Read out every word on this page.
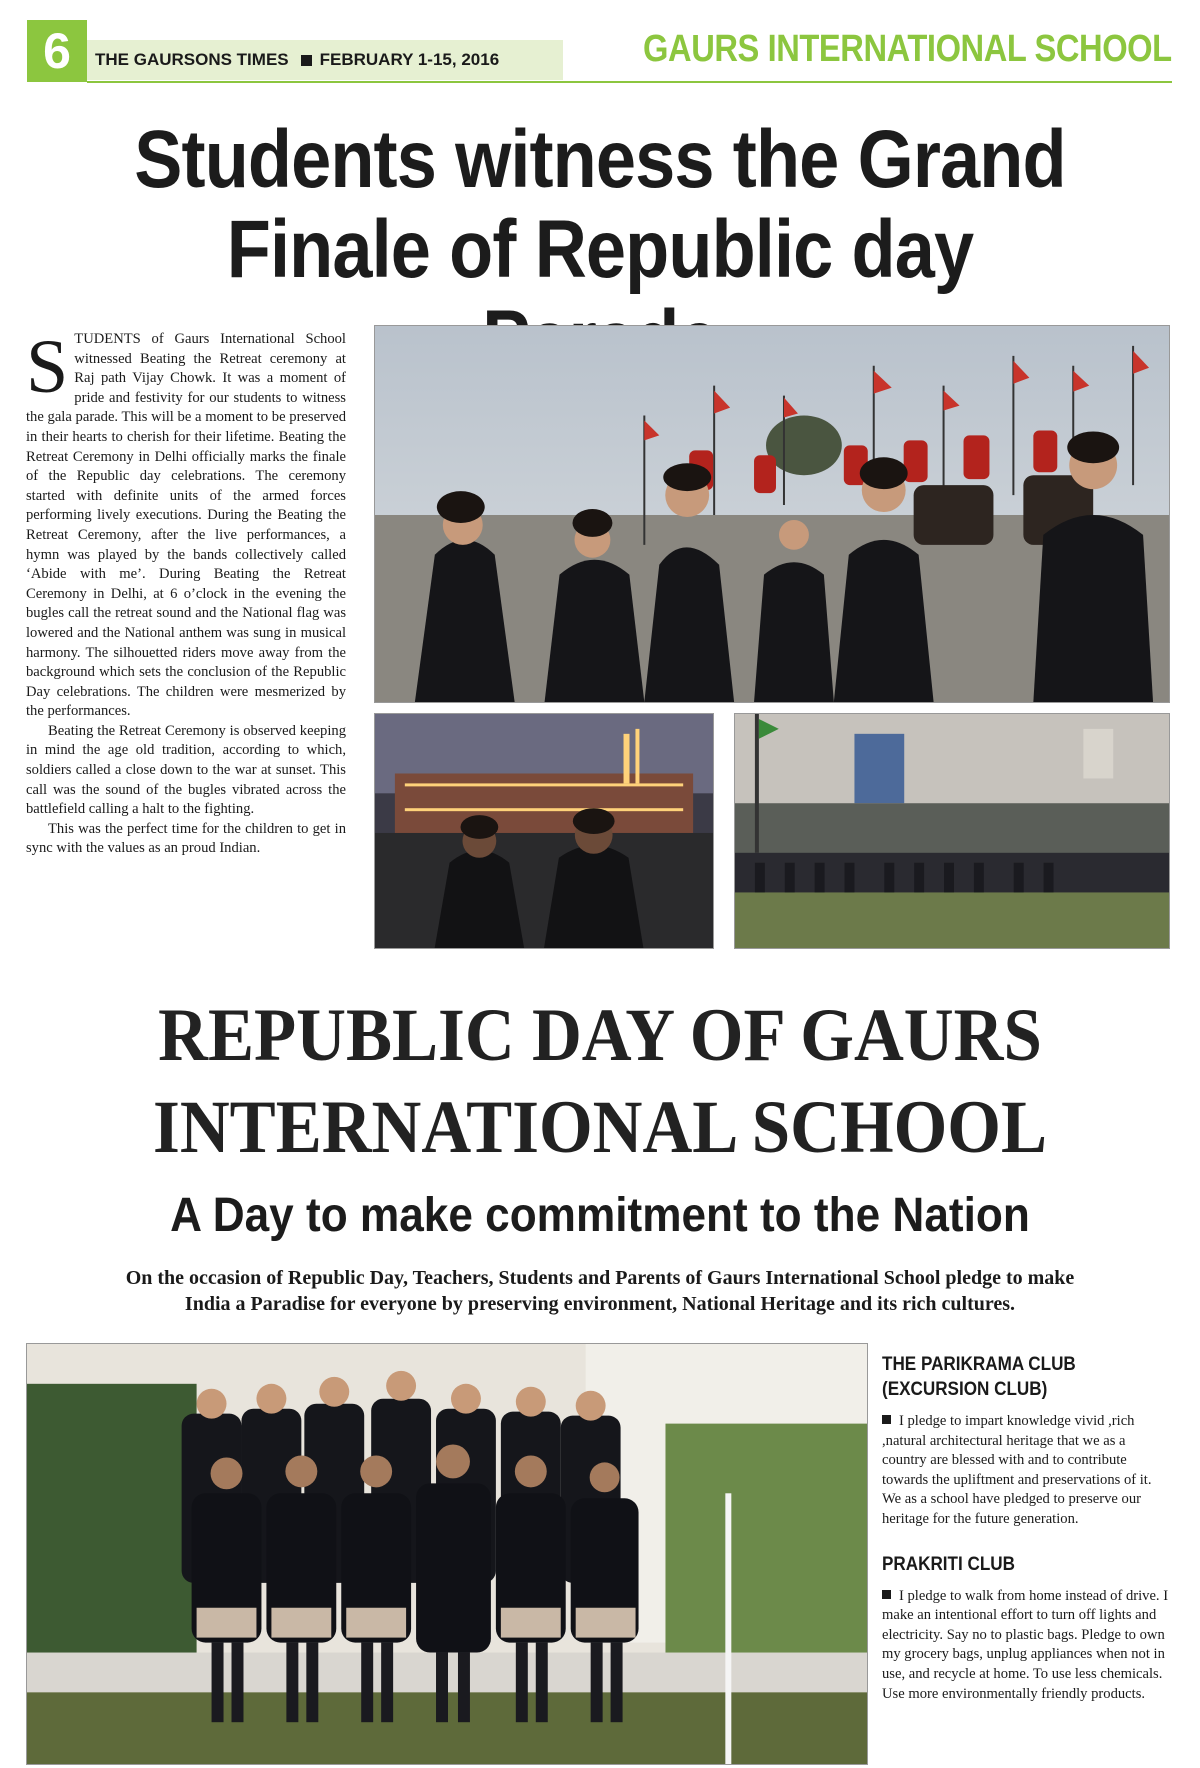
6	THE GAURSONS TIMES FEBRUARY 1-15, 2016	GAURS INTERNATIONAL SCHOOL
Students witness the Grand
Finale of Republic day

STUDENTS of Gaurs International School witnessed Beating the Retreat ceremony at Raj path Vijay Chowk. It was a moment of pride and festivity for our students to witness the gala parade. This will be a moment to be preserved in their hearts to cherish for their lifetime. Beating the Retreat Ceremony in Delhi officially marks the finale of the Republic day celebrations. The ceremony started with definite units of the armed forces performing lively executions. During the Beating the Retreat Ceremony, after the live performances, a hymn was played by the bands collectively called ‘Abide with me’. During Beating the Retreat Ceremony in Delhi, at 6 o’clock in the evening the bugles call the retreat sound and the National flag was lowered and the National anthem was sung in musical harmony. The silhouetted riders move away from the background which sets the conclusion of the Republic Day celebrations. The children were mesmerized by the performances.

Beating the Retreat Ceremony is observed keeping in mind the age old tradition, according to which, soldiers called a close down to the war at sunset. This call was the sound of the bugles vibrated across the battlefield calling a halt to the fighting.

This was the perfect time for the children to get in sync with the values as an proud Indian.

REPUBLIC DAY OF GAURS
INTERNATIONAL SCHOOL
A Day to make commitment to the Nation
On the occasion of Republic Day, Teachers, Students and Parents of Gaurs International School pledge to make
India a Paradise for everyone by preserving environment, National Heritage and its rich cultures.
THE PARIKRAMA CLUB
(EXCURSION CLUB)
I pledge to impart knowledge vivid ,rich ,natural architectural heritage that we as a country are blessed with and to contribute towards the upliftment and preservations of it. We as a school have pledged to preserve our heritage for the future generation.
PRAKRITI CLUB
I pledge to walk from home instead of drive. I make an intentional effort to turn off lights and electricity. Say no to plastic bags. Pledge to own my grocery bags, unplug appliances when not in use, and recycle at home. To use less chemicals. Use more environmentally friendly products.
